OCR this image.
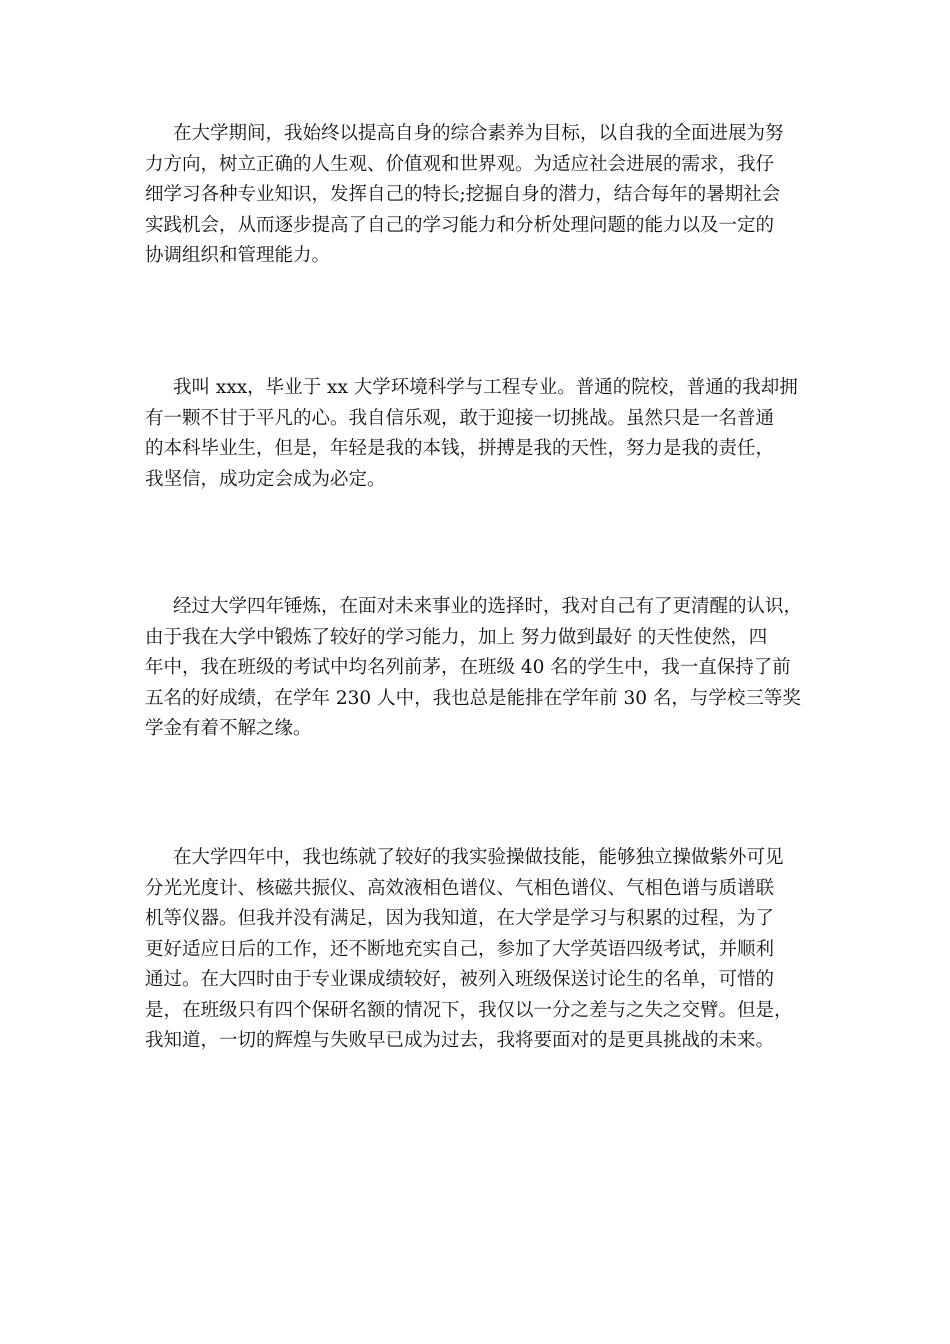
在大学期间，我始终以提高自身的综合素养为目标，以自我的全面进展为努
力方向，树立正确的人生观、价值观和世界观。为适应社会进展的需求，我仔
细学习各种专业知识，发挥自己的特长;挖掘自身的潜力，结合每年的暑期社会
实践机会，从而逐步提高了自己的学习能力和分析处理问题的能力以及一定的
协调组织和管理能力。
我叫 xxx，毕业于 xx 大学环境科学与工程专业。普通的院校，普通的我却拥
有一颗不甘于平凡的心。我自信乐观，敢于迎接一切挑战。虽然只是一名普通
的本科毕业生，但是，年轻是我的本钱，拼搏是我的天性，努力是我的责任，
我坚信，成功定会成为必定。
经过大学四年锤炼，在面对未来事业的选择时，我对自己有了更清醒的认识，
由于我在大学中锻炼了较好的学习能力，加上 努力做到最好 的天性使然，四
年中，我在班级的考试中均名列前茅，在班级 40 名的学生中，我一直保持了前
五名的好成绩，在学年 230 人中，我也总是能排在学年前 30 名，与学校三等奖
学金有着不解之缘。
在大学四年中，我也练就了较好的我实验操做技能，能够独立操做紫外可见
分光光度计、核磁共振仪、高效液相色谱仪、气相色谱仪、气相色谱与质谱联
机等仪器。但我并没有满足，因为我知道，在大学是学习与积累的过程，为了
更好适应日后的工作，还不断地充实自己，参加了大学英语四级考试，并顺利
通过。在大四时由于专业课成绩较好，被列入班级保送讨论生的名单，可惜的
是，在班级只有四个保研名额的情况下，我仅以一分之差与之失之交臂。但是，
我知道，一切的辉煌与失败早已成为过去，我将要面对的是更具挑战的未来。
